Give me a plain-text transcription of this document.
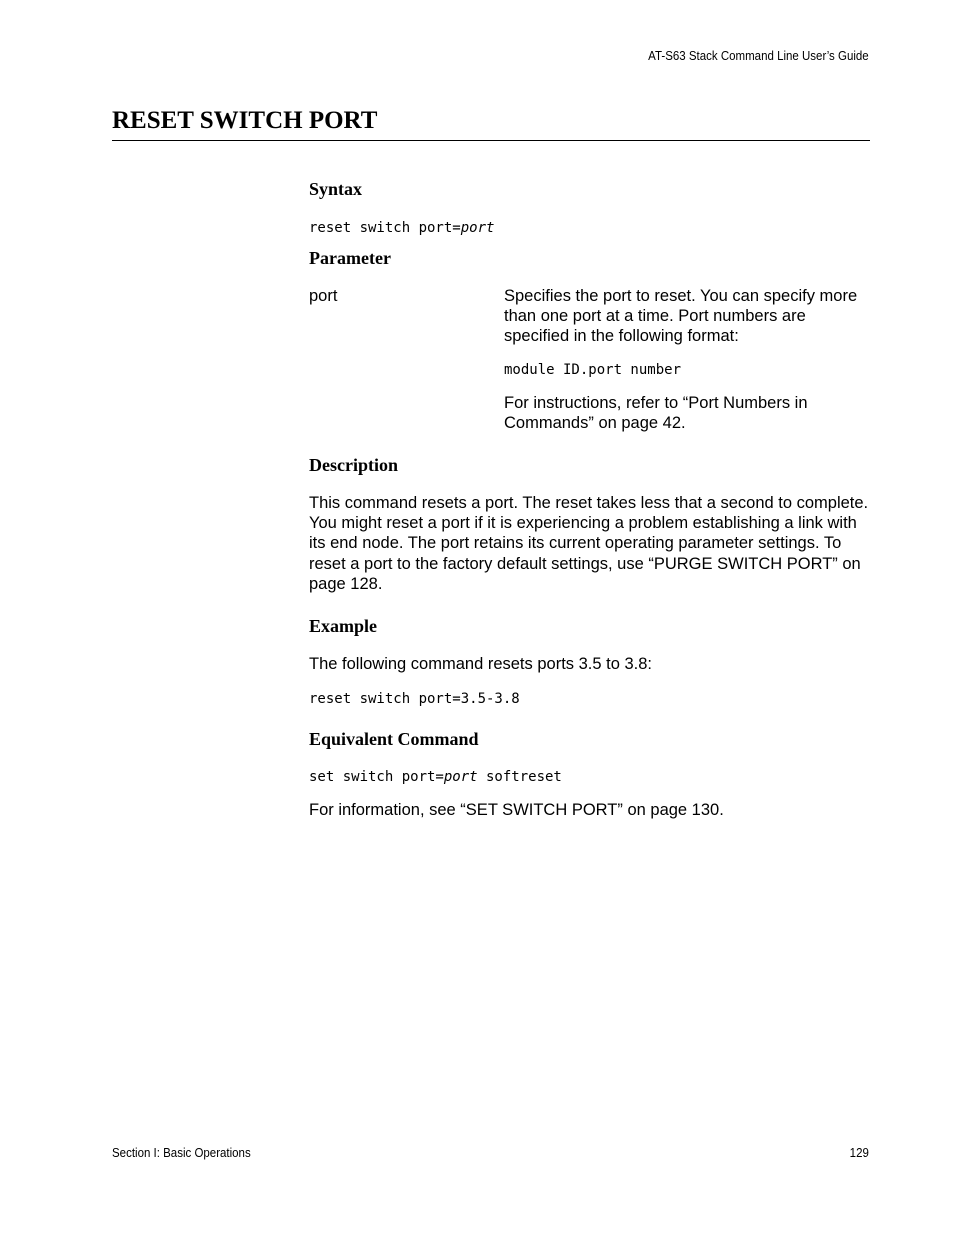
AT-S63 Stack Command Line User’s Guide
RESET SWITCH PORT
Syntax

reset switch port=port

Parameter
port	Specifies the port to reset. You can specify more than one port at a time. Port numbers are specified in the following format:

module ID.port number

For instructions, refer to “Port Numbers in Commands” on page 42.

Description

This command resets a port. The reset takes less that a second to complete. You might reset a port if it is experiencing a problem establishing a link with its end node. The port retains its current operating parameter settings. To reset a port to the factory default settings, use “PURGE SWITCH PORT” on page 128.

Example

The following command resets ports 3.5 to 3.8:

reset switch port=3.5-3.8

Equivalent Command

set switch port=port softreset

For information, see “SET SWITCH PORT” on page 130.

Section I: Basic Operations	129
